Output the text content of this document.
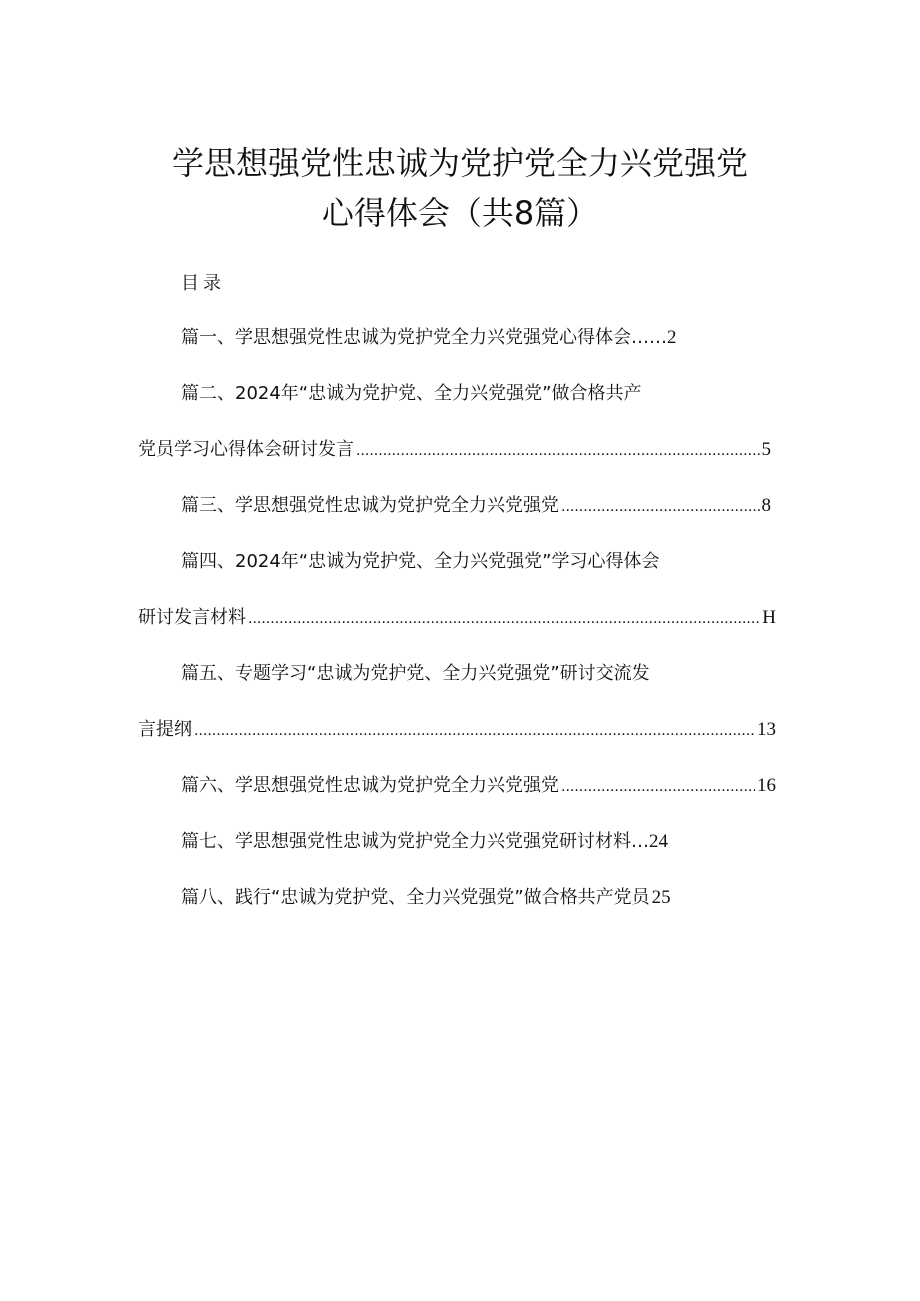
学思想强党性忠诚为党护党全力兴党强党
心得体会（共8篇）
目录
篇一、学思想强党性忠诚为党护党全力兴党强党心得体会 …… 2
篇二、2024年“忠诚为党护党、全力兴党强党”做合格共产
党员学习心得体会研讨发言 .....	5
篇三、学思想强党性忠诚为党护党全力兴党强党 .....	8
篇四、2024年“忠诚为党护党、全力兴党强党”学习心得体会
研讨发言材料 .....	H
篇五、专题学习“忠诚为党护党、全力兴党强党”研讨交流发
言提纲 .....	13
篇六、学思想强党性忠诚为党护党全力兴党强党 .....	16
篇七、学思想强党性忠诚为党护党全力兴党强党研讨材料 … 24
篇八、践行“忠诚为党护党、全力兴党强党”做合格共产党员 25
